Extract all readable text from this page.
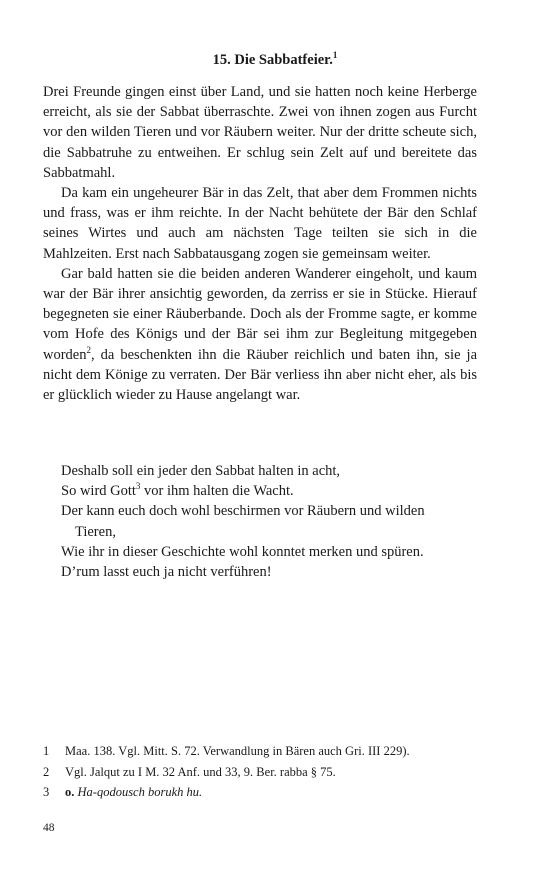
15. Die Sabbatfeier.$^1$

Drei Freunde gingen einst über Land, und sie hatten noch keine Herberge erreicht, als sie der Sabbat überraschte. Zwei von ihnen zogen aus Furcht vor den wilden Tieren und vor Räubern weiter. Nur der dritte scheute sich, die Sabbatruhe zu entweihen. Er schlug sein Zelt auf und bereitete das Sabbatmahl.

Da kam ein ungeheurer Bär in das Zelt, that aber dem Frommen nichts und frass, was er ihm reichte. In der Nacht behütete der Bär den Schlaf seines Wirtes und auch am nächsten Tage teilten sie sich in die Mahlzeiten. Erst nach Sabbatausgang zogen sie gemeinsam weiter.

Gar bald hatten sie die beiden anderen Wanderer eingeholt, und kaum war der Bär ihrer ansichtig geworden, da zerriss er sie in Stücke. Hierauf begegneten sie einer Räuberbande. Doch als der Fromme sagte, er komme vom Hofe des Königs und der Bär sei ihm zur Begleitung mitgegeben worden$^2$, da beschenkten ihn die Räuber reichlich und baten ihn, sie ja nicht dem Könige zu verraten. Der Bär verliess ihn aber nicht eher, als bis er glücklich wieder zu Hause angelangt war.

Deshalb soll ein jeder den Sabbat halten in acht,
So wird Gott$^3$ vor ihm halten die Wacht.
Der kann euch doch wohl beschirmen vor Räubern und wilden
Tieren,
Wie ihr in dieser Geschichte wohl konntet merken und spüren.
D’rum lasst euch ja nicht verführen!
1	Maa. 138. Vgl. Mitt. S. 72. Verwandlung in Bären auch Gri. III 229).
2	Vgl. Jalqut zu I M. 32 Anf. und 33, 9. Ber. rabba § 75.
3	o. Ha-qodousch borukh hu.
48
